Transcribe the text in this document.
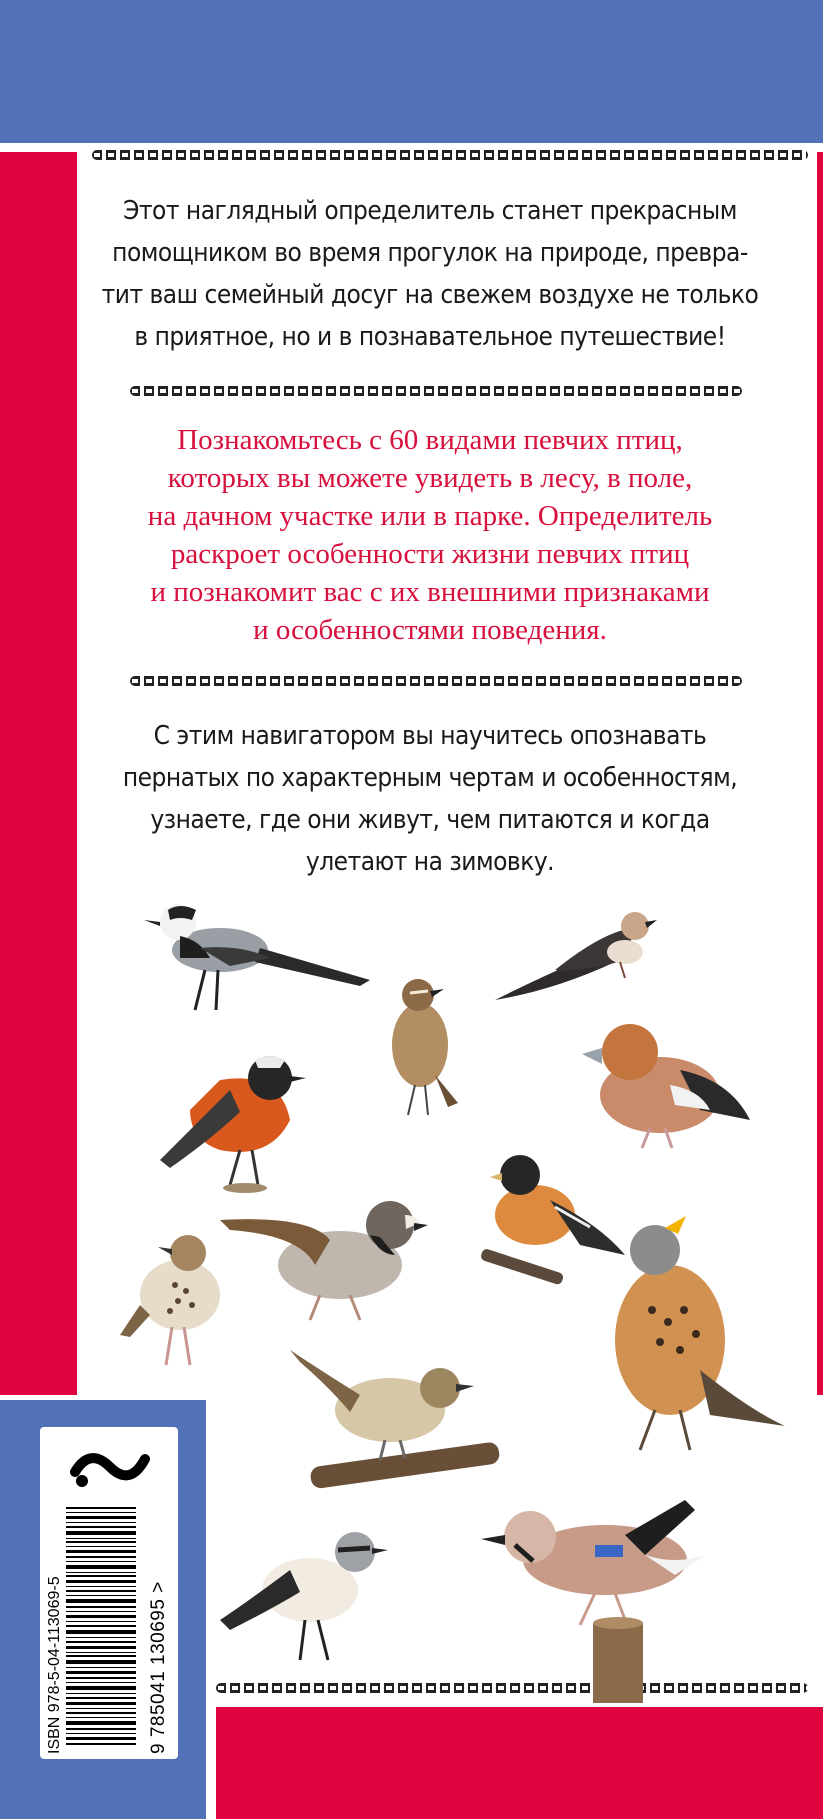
Этот наглядный определитель станет прекрасным
помощником во время прогулок на природе, превра-
тит ваш семейный досуг на свежем воздухе не только
в приятное, но и в познавательное путешествие!

Познакомьтесь с 60 видами певчих птиц,
которых вы можете увидеть в лесу, в поле,
на дачном участке или в парке. Определитель
раскроет особенности жизни певчих птиц
и познакомит вас с их внешними признаками
и особенностями поведения.

С этим навигатором вы научитесь опознавать
пернатых по характерным чертам и особенностям,
узнаете, где они живут, чем питаются и когда
улетают на зимовку.

ISBN 978-5-04-113069-5	9 785041 130695 >
